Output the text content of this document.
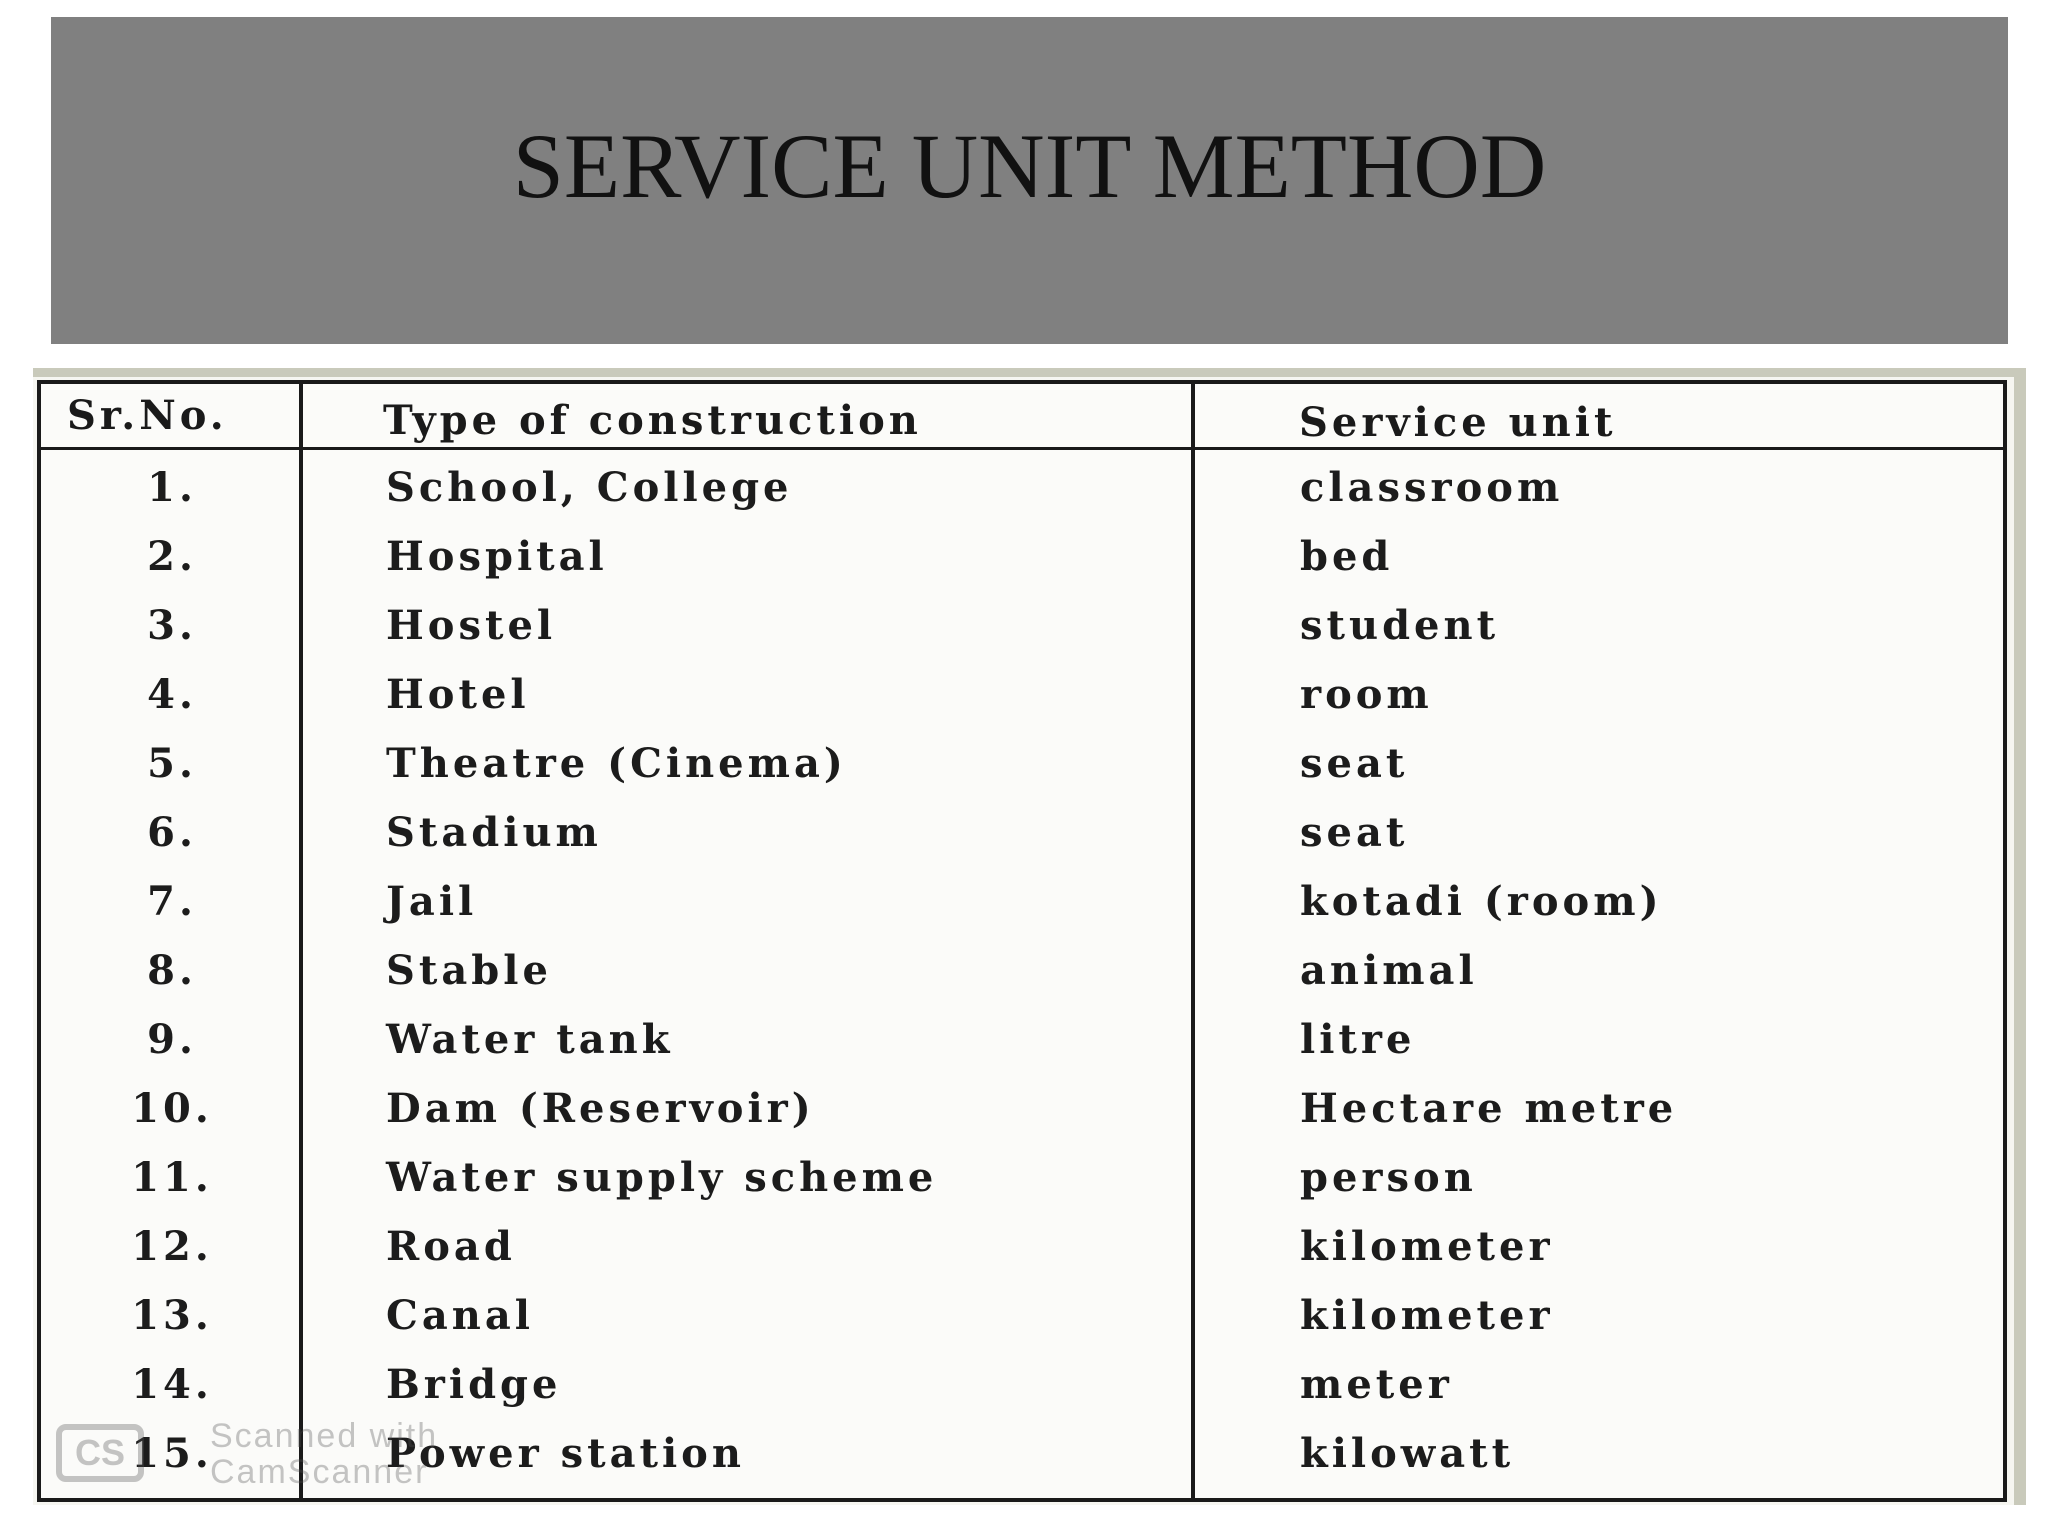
SERVICE UNIT METHOD
Sr.No.	Type of construction	Service unit
1.	School, College	classroom
2.	Hospital	bed
3.	Hostel	student
4.	Hotel	room
5.	Theatre (Cinema)	seat
6.	Stadium	seat
7.	Jail	kotadi (room)
8.	Stable	animal
9.	Water tank	litre
10.	Dam (Reservoir)	Hectare metre
11.	Water supply scheme	person
12.	Road	kilometer
13.	Canal	kilometer
14.	Bridge	meter
15.	Power station	kilowatt
CS	Scanned with
CamScanner
